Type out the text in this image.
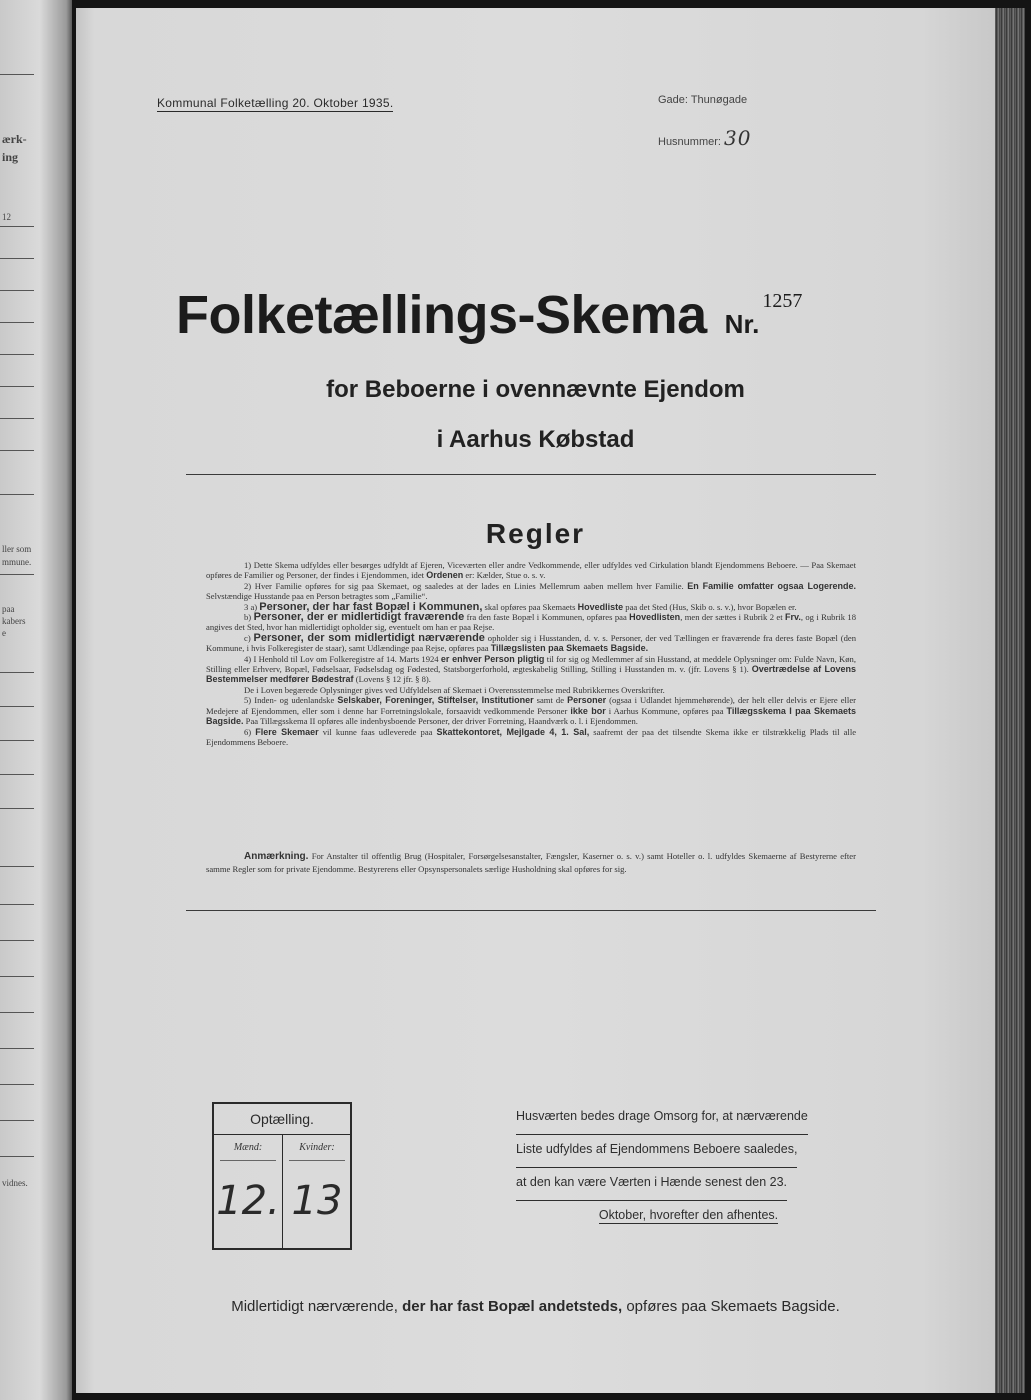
ærk-
ing
12
ller som
mmune.
paa
kabers
e
vidnes.
Kommunal Folketælling 20. Oktober 1935.	Gade: Thunøgade
Husnummer: 30
Folketællings-Skema Nr.1257
for Beboerne i ovennævnte Ejendom
i Aarhus Købstad
Regler

1) Dette Skema udfyldes eller besørges udfyldt af Ejeren, Viceværten eller andre Vedkommende, eller udfyldes ved Cirkulation blandt Ejendommens Beboere. — Paa Skemaet opføres de Familier og Personer, der findes i Ejendommen, idet Ordenen er: Kælder, Stue o. s. v.

2) Hver Familie opføres for sig paa Skemaet, og saaledes at der lades en Linies Mellemrum aaben mellem hver Familie. En Familie omfatter ogsaa Logerende. Selvstændige Husstande paa en Person betragtes som „Familie“.

3 a) Personer, der har fast Bopæl i Kommunen, skal opføres paa Skemaets Hovedliste paa det Sted (Hus, Skib o. s. v.), hvor Bopælen er.

b) Personer, der er midlertidigt fraværende fra den faste Bopæl i Kommunen, opføres paa Hovedlisten, men der sættes i Rubrik 2 et Frv., og i Rubrik 18 angives det Sted, hvor han midlertidigt opholder sig, eventuelt om han er paa Rejse.

c) Personer, der som midlertidigt nærværende opholder sig i Husstanden, d. v. s. Personer, der ved Tællingen er fraværende fra deres faste Bopæl (den Kommune, i hvis Folkeregister de staar), samt Udlændinge paa Rejse, opføres paa Tillægslisten paa Skemaets Bagside.

4) I Henhold til Lov om Folkeregistre af 14. Marts 1924 er enhver Person pligtig til for sig og Medlemmer af sin Husstand, at meddele Oplysninger om: Fulde Navn, Køn, Stilling eller Erhverv, Bopæl, Fødselsaar, Fødselsdag og Fødested, Statsborgerforhold, ægteskabelig Stilling, Stilling i Husstanden m. v. (jfr. Lovens § 1). Overtrædelse af Lovens Bestemmelser medfører Bødestraf (Lovens § 12 jfr. § 8).

De i Loven begærede Oplysninger gives ved Udfyldelsen af Skemaet i Overensstemmelse med Rubrikkernes Overskrifter.

5) Inden- og udenlandske Selskaber, Foreninger, Stiftelser, Institutioner samt de Personer (ogsaa i Udlandet hjemmehørende), der helt eller delvis er Ejere eller Medejere af Ejendommen, eller som i denne har Forretningslokale, forsaavidt vedkommende Personer ikke bor i Aarhus Kommune, opføres paa Tillægsskema I paa Skemaets Bagside. Paa Tillægsskema II opføres alle indenbysboende Personer, der driver Forretning, Haandværk o. l. i Ejendommen.

6) Flere Skemaer vil kunne faas udleverede paa Skattekontoret, Mejlgade 4, 1. Sal, saafremt der paa det tilsendte Skema ikke er tilstrækkelig Plads til alle Ejendommens Beboere.

Anmærkning. For Anstalter til offentlig Brug (Hospitaler, Forsørgelsesanstalter, Fængsler, Kaserner o. s. v.) samt Hoteller o. l. udfyldes Skemaerne af Bestyrerne efter samme Regler som for private Ejendomme. Bestyrerens eller Opsynspersonalets særlige Husholdning skal opføres for sig.

Optælling.
Mænd:	Kvinder:
12. 13
Husværten bedes drage Omsorg for, at nærværende
Liste udfyldes af Ejendommens Beboere saaledes,
at den kan være Værten i Hænde senest den 23.
Oktober, hvorefter den afhentes.
Midlertidigt nærværende, der har fast Bopæl andetsteds, opføres paa Skemaets Bagside.
